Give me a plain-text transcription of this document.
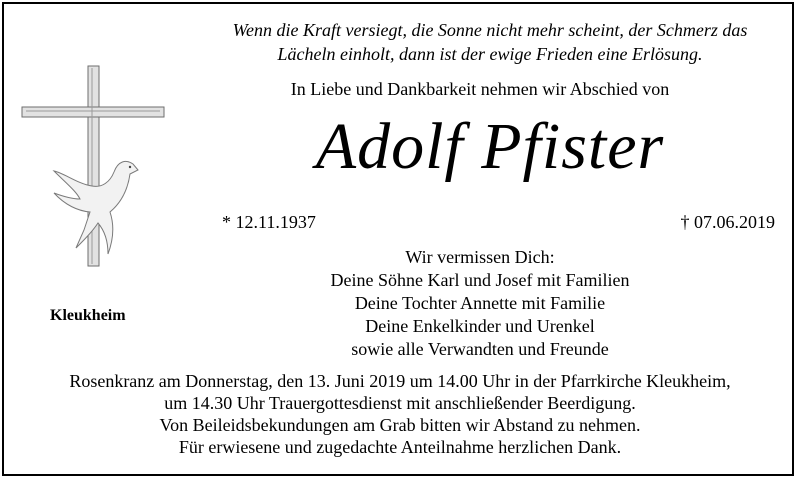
Wenn die Kraft versiegt, die Sonne nicht mehr scheint, der Schmerz das
Lächeln einholt, dann ist der ewige Frieden eine Erlösung.
In Liebe und Dankbarkeit nehmen wir Abschied von
Adolf Pfister
* 12.11.1937	† 07.06.2019
Wir vermissen Dich:
Deine Söhne Karl und Josef mit Familien
Deine Tochter Annette mit Familie
Deine Enkelkinder und Urenkel
sowie alle Verwandten und Freunde
Kleukheim
Rosenkranz am Donnerstag, den 13. Juni 2019 um 14.00 Uhr in der Pfarrkirche Kleukheim,
um 14.30 Uhr Trauergottesdienst mit anschließender Beerdigung.
Von Beileidsbekundungen am Grab bitten wir Abstand zu nehmen.
Für erwiesene und zugedachte Anteilnahme herzlichen Dank.
